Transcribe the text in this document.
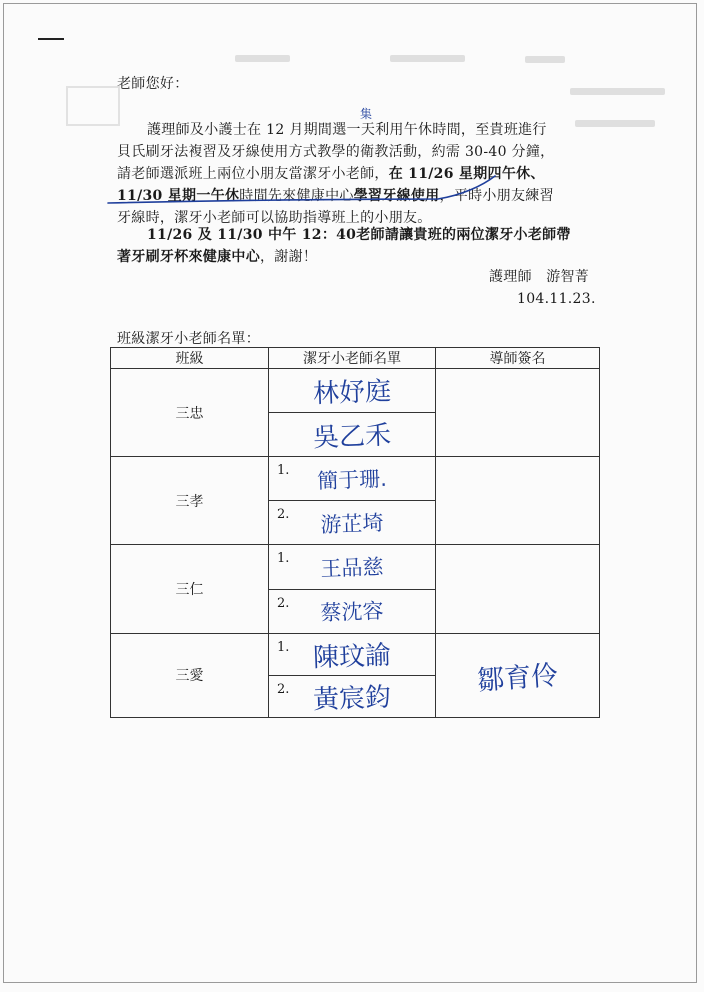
老師您好：
集
護理師及小護士在 12 月期間選一天利用午休時間，至貴班進行
貝氏刷牙法複習及牙線使用方式教學的衛教活動，約需 30-40 分鐘，
請老師選派班上兩位小朋友當潔牙小老師，在 11/26 星期四午休、
11/30 星期一午休時間先來健康中心學習牙線使用，平時小朋友練習
牙線時，潔牙小老師可以協助指導班上的小朋友。
11/26 及 11/30 中午 12：40老師請讓貴班的兩位潔牙小老師帶
著牙刷牙杯來健康中心，謝謝！
護理師　游智菁
104.11.23.
班級潔牙小老師名單：
班級	潔牙小老師名單	導師簽名
三忠	林妤庭	

	吳乙禾	

三孝	1. 簡于珊.	

	2. 游芷埼	

三仁	1. 王品慈	

	2. 蔡沈容	

三愛	1. 陳玟諭	鄒育伶

	2. 黃宸鈞	
